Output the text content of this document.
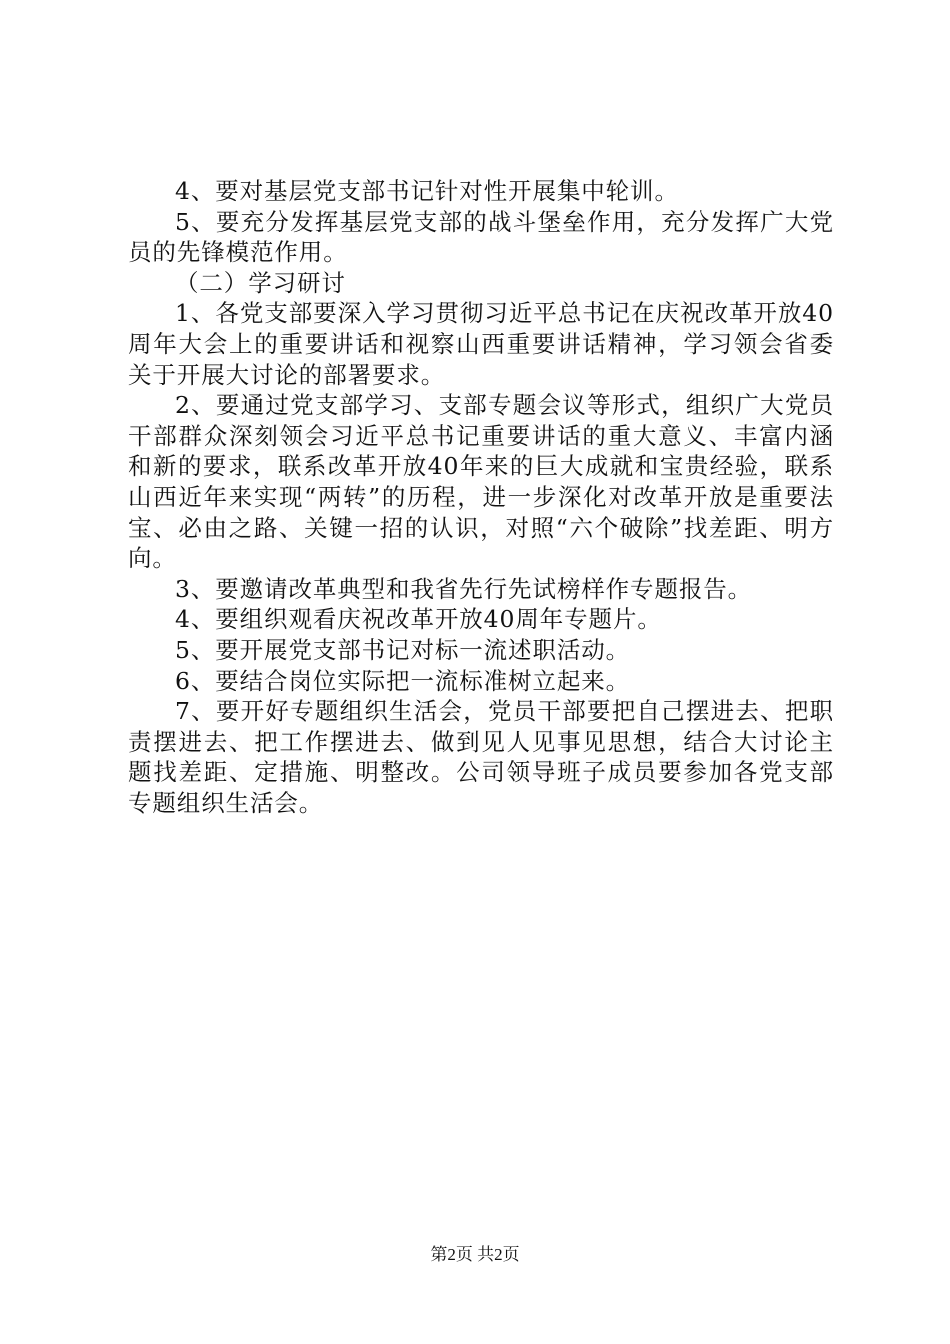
4、要对基层党支部书记针对性开展集中轮训。

5、要充分发挥基层党支部的战斗堡垒作用，充分发挥广大党员的先锋模范作用。

（二）学习研讨

1、各党支部要深入学习贯彻习近平总书记在庆祝改革开放40周年大会上的重要讲话和视察山西重要讲话精神，学习领会省委关于开展大讨论的部署要求。

2、要通过党支部学习、支部专题会议等形式，组织广大党员干部群众深刻领会习近平总书记重要讲话的重大意义、丰富内涵和新的要求，联系改革开放40年来的巨大成就和宝贵经验，联系山西近年来实现“两转”的历程，进一步深化对改革开放是重要法宝、必由之路、关键一招的认识，对照“六个破除”找差距、明方向。

3、要邀请改革典型和我省先行先试榜样作专题报告。

4、要组织观看庆祝改革开放40周年专题片。

5、要开展党支部书记对标一流述职活动。

6、要结合岗位实际把一流标准树立起来。

7、要开好专题组织生活会，党员干部要把自己摆进去、把职责摆进去、把工作摆进去、做到见人见事见思想，结合大讨论主题找差距、定措施、明整改。公司领导班子成员要参加各党支部专题组织生活会。

第2页 共2页
